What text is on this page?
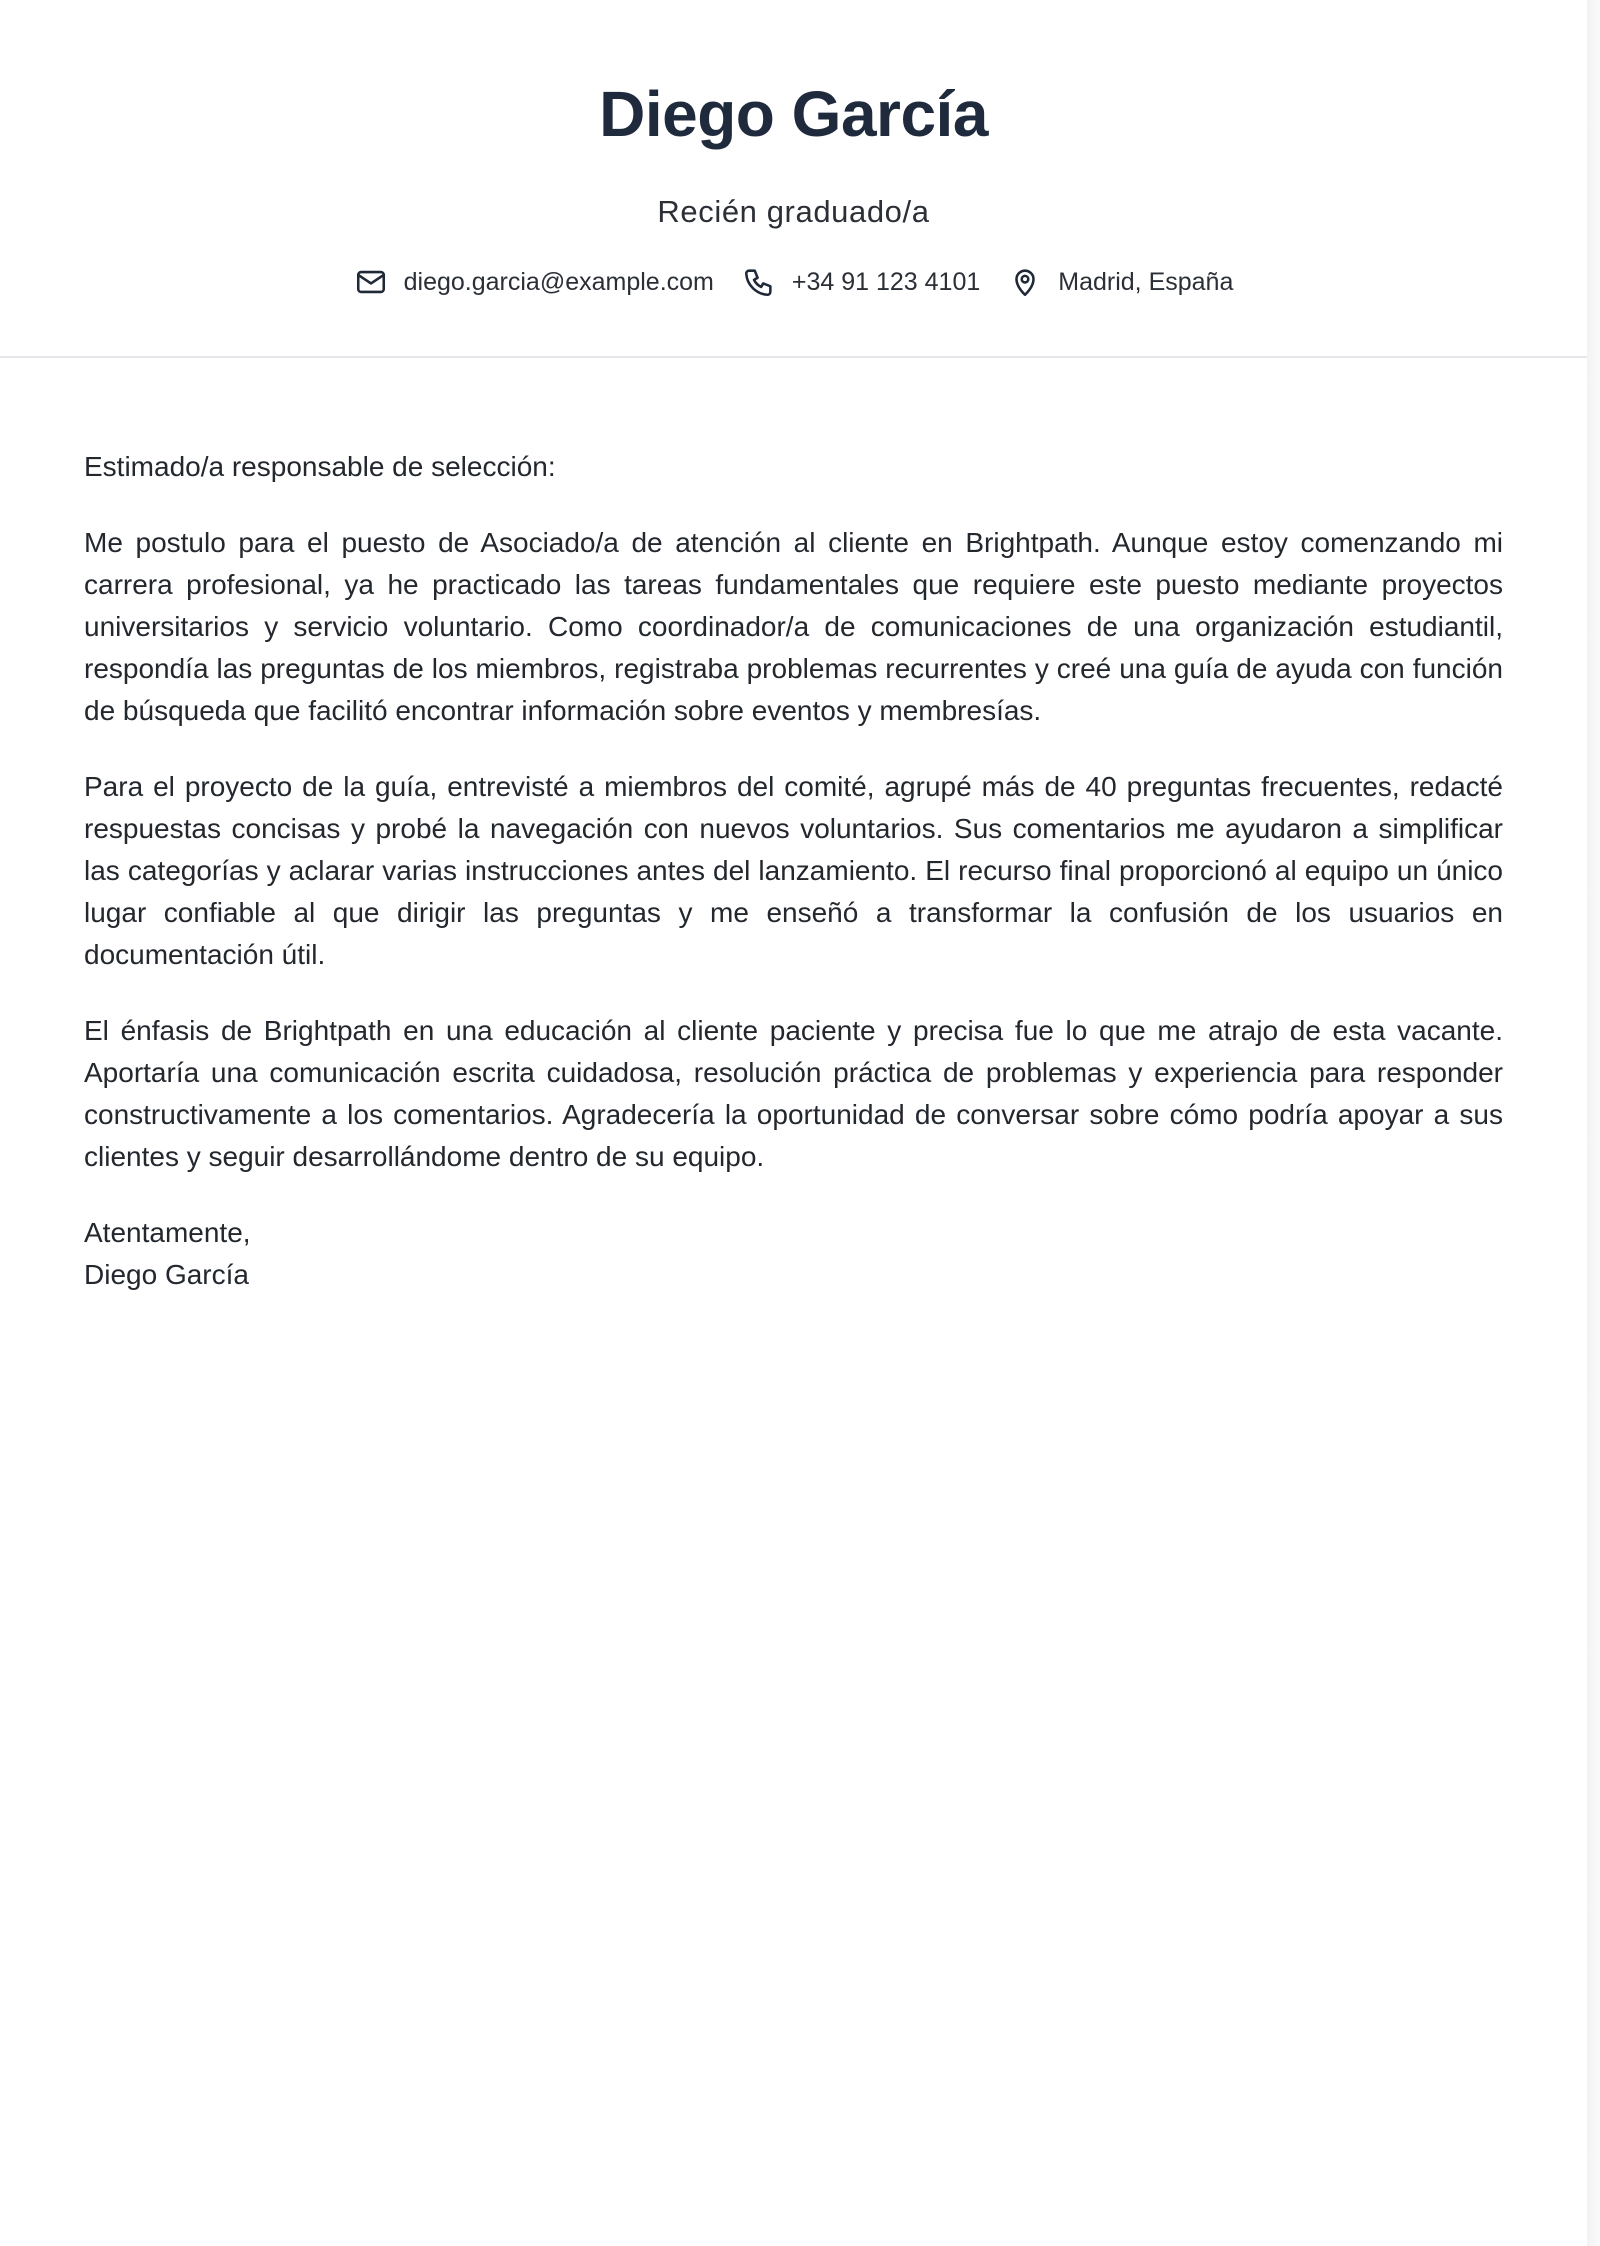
Diego García
Recién graduado/a
diego.garcia@example.com	+34 91 123 4101	Madrid, España

Estimado/a responsable de selección:

Me postulo para el puesto de Asociado/a de atención al cliente en Brightpath. Aunque estoy comenzando mi carrera profesional, ya he practicado las tareas fundamentales que requiere este puesto mediante proyectos universitarios y servicio voluntario. Como coordinador/a de comunicaciones de una organización estudiantil, respondía las preguntas de los miembros, registraba problemas recurrentes y creé una guía de ayuda con función de búsqueda que facilitó encontrar información sobre eventos y membresías.

Para el proyecto de la guía, entrevisté a miembros del comité, agrupé más de 40 preguntas frecuentes, redacté respuestas concisas y probé la navegación con nuevos voluntarios. Sus comentarios me ayudaron a simplificar las categorías y aclarar varias instrucciones antes del lanzamiento. El recurso final proporcionó al equipo un único lugar confiable al que dirigir las preguntas y me enseñó a transformar la confusión de los usuarios en documentación útil.

El énfasis de Brightpath en una educación al cliente paciente y precisa fue lo que me atrajo de esta vacante. Aportaría una comunicación escrita cuidadosa, resolución práctica de problemas y experiencia para responder constructivamente a los comentarios. Agradecería la oportunidad de conversar sobre cómo podría apoyar a sus clientes y seguir desarrollándome dentro de su equipo.

Atentamente,
Diego García
